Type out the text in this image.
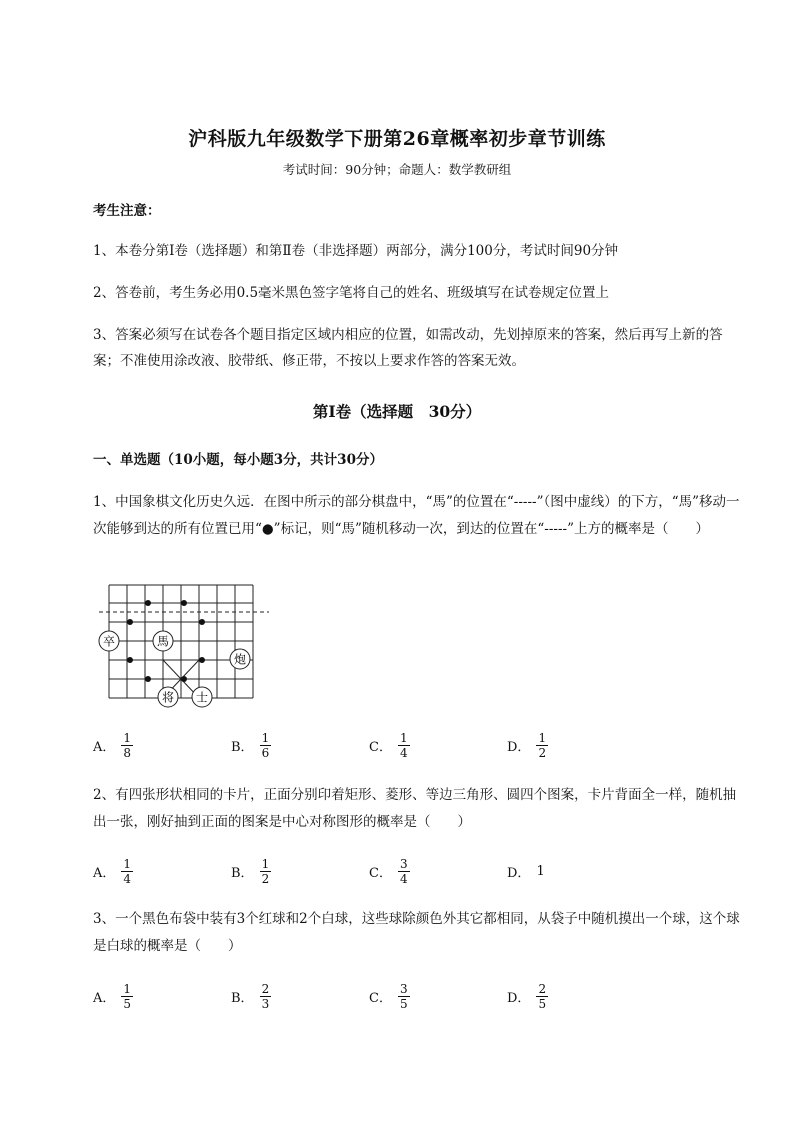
沪科版九年级数学下册第26章概率初步章节训练
考试时间：90分钟；命题人：数学教研组
考生注意：
1、本卷分第I卷（选择题）和第Ⅱ卷（非选择题）两部分，满分100分，考试时间90分钟
2、答卷前，考生务必用0.5毫米黑色签字笔将自己的姓名、班级填写在试卷规定位置上
3、答案必须写在试卷各个题目指定区域内相应的位置，如需改动，先划掉原来的答案，然后再写上新的答案；不准使用涂改液、胶带纸、修正带，不按以上要求作答的答案无效。
第I卷（选择题　30分）
一、单选题（10小题，每小题3分，共计30分）
1、中国象棋文化历史久远．在图中所示的部分棋盘中，“馬”的位置在“-----”（图中虚线）的下方，“馬”移动一次能够到达的所有位置已用“●”标记，则“馬”随机移动一次，到达的位置在“-----”上方的概率是（　　）
卒	馬
炮
将 士
A． $\frac{1}{8}$	B． $\frac{1}{6}$	C． $\frac{1}{4}$	D． $\frac{1}{2}$
2、有四张形状相同的卡片，正面分别印着矩形、菱形、等边三角形、圆四个图案，卡片背面全一样，随机抽出一张，刚好抽到正面的图案是中心对称图形的概率是（　　）
A． $\frac{1}{4}$	B． $\frac{1}{2}$	C． $\frac{3}{4}$	D． 1
3、一个黑色布袋中装有3个红球和2个白球，这些球除颜色外其它都相同，从袋子中随机摸出一个球，这个球是白球的概率是（　　）
A． $\frac{1}{5}$	B． $\frac{2}{3}$	C． $\frac{3}{5}$	D． $\frac{2}{5}$
